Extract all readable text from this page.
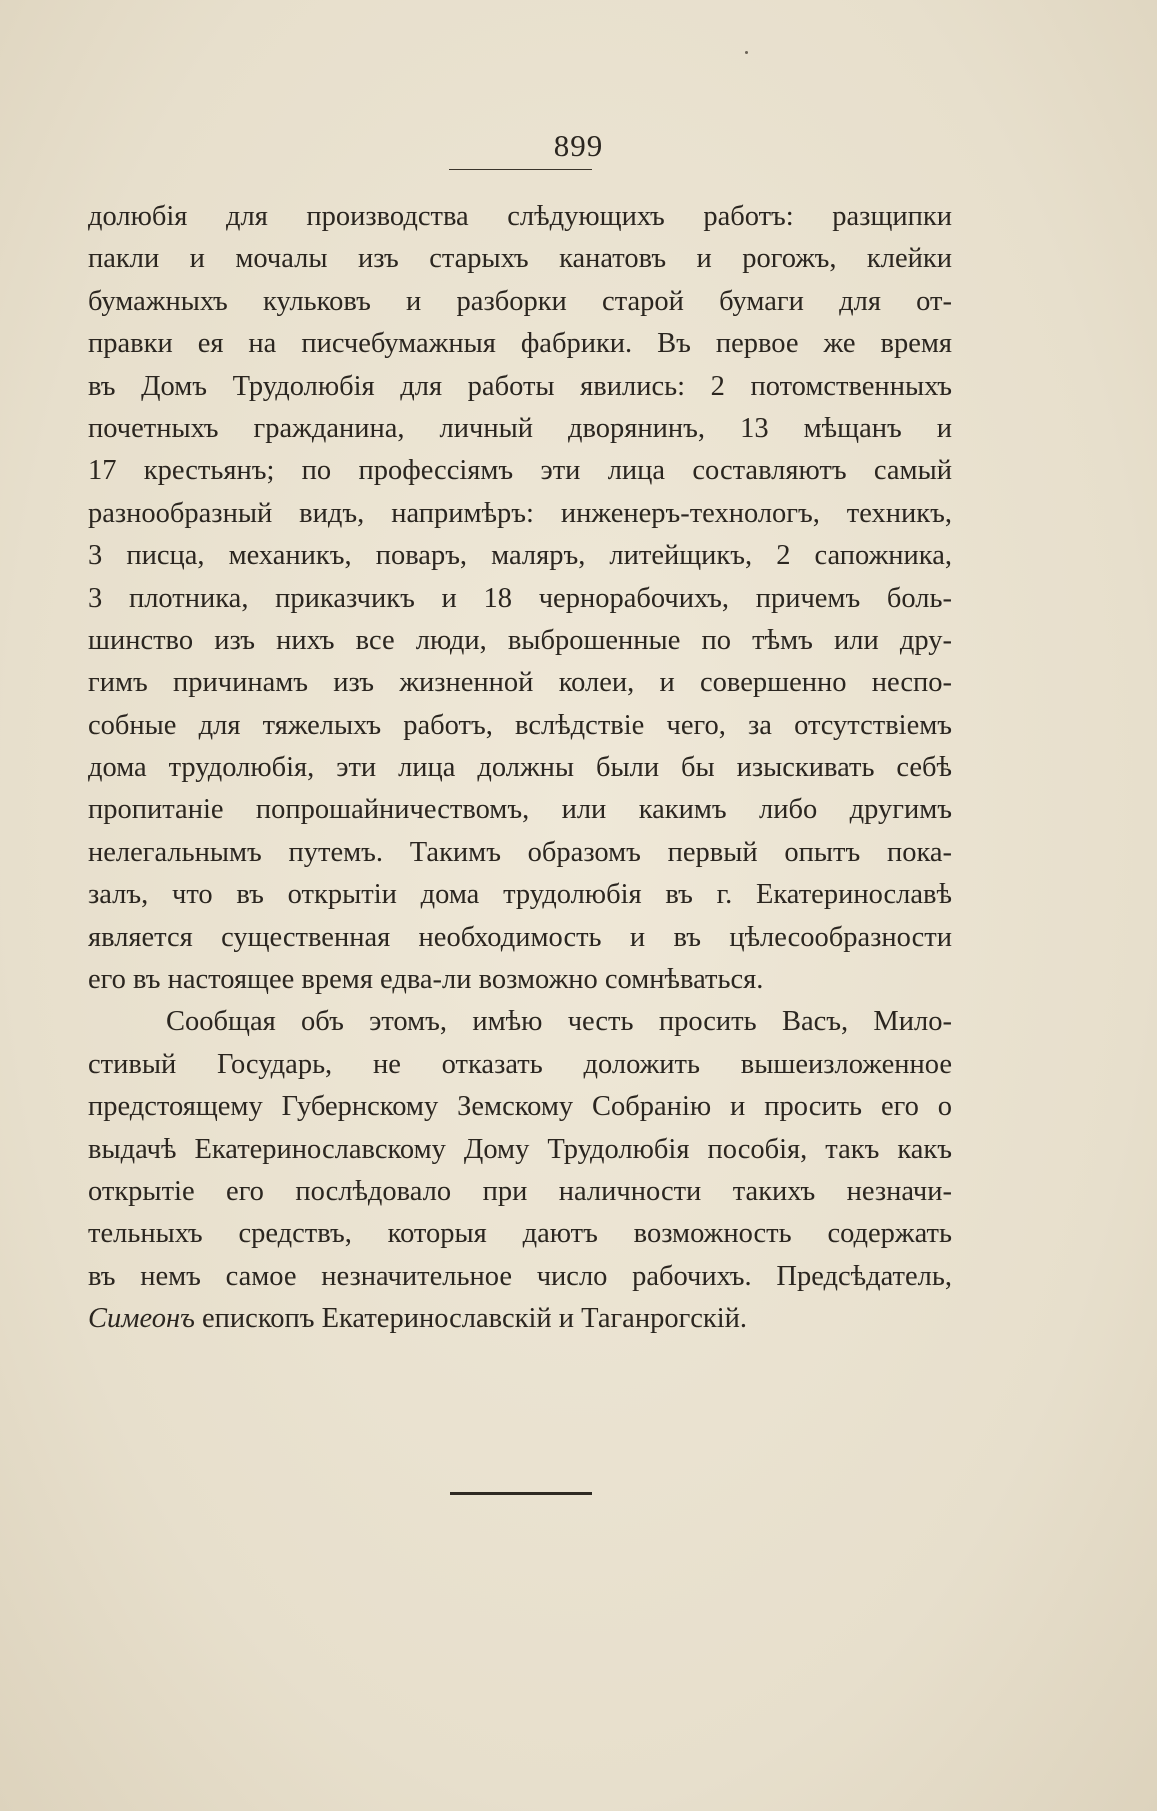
899
долюбія для производства слѣдующихъ работъ: разщипки
пакли и мочалы изъ старыхъ канатовъ и рогожъ, клейки
бумажныхъ кульковъ и разборки старой бумаги для от-
правки ея на писчебумажныя фабрики. Въ первое же время
въ Домъ Трудолюбія для работы явились: 2 потомственныхъ
почетныхъ гражданина, личный дворянинъ, 13 мѣщанъ и
17 крестьянъ; по профессіямъ эти лица составляютъ самый
разнообразный видъ, напримѣръ: инженеръ-технологъ, техникъ,
3 писца, механикъ, поваръ, маляръ, литейщикъ, 2 сапожника,
3 плотника, приказчикъ и 18 чернорабочихъ, причемъ боль-
шинство изъ нихъ все люди, выброшенные по тѣмъ или дру-
гимъ причинамъ изъ жизненной колеи, и совершенно неспо-
собные для тяжелыхъ работъ, вслѣдствіе чего, за отсутствіемъ
дома трудолюбія, эти лица должны были бы изыскивать себѣ
пропитаніе попрошайничествомъ, или какимъ либо другимъ
нелегальнымъ путемъ. Такимъ образомъ первый опытъ пока-
залъ, что въ открытіи дома трудолюбія въ г. Екатеринославѣ
является существенная необходимость и въ цѣлесообразности
его въ настоящее время едва-ли возможно сомнѣваться.
Сообщая объ этомъ, имѣю честь просить Васъ, Мило-
стивый Государь, не отказать доложить вышеизложенное
предстоящему Губернскому Земскому Собранію и просить его о
выдачѣ Екатеринославскому Дому Трудолюбія пособія, такъ какъ
открытіе его послѣдовало при наличности такихъ незначи-
тельныхъ средствъ, которыя даютъ возможность содержать
въ немъ самое незначительное число рабочихъ. Предсѣдатель,
Симеонъ епископъ Екатеринославскій и Таганрогскій.
